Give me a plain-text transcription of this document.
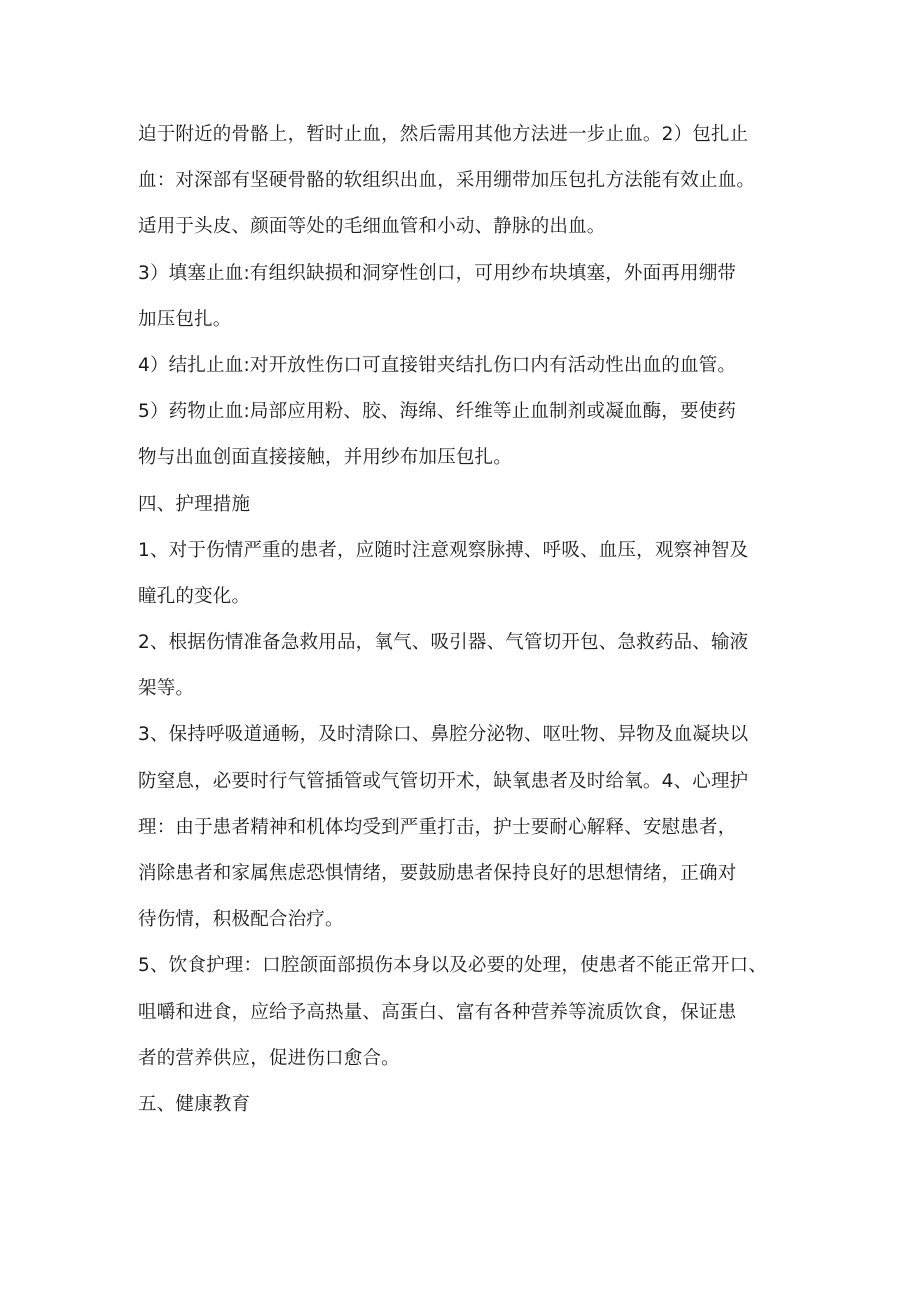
迫于附近的骨骼上，暂时止血，然后需用其他方法进一步止血。2）包扎止
血：对深部有坚硬骨骼的软组织出血，采用绷带加压包扎方法能有效止血。
适用于头皮、颜面等处的毛细血管和小动、静脉的出血。
3）填塞止血:有组织缺损和洞穿性创口，可用纱布块填塞，外面再用绷带
加压包扎。
4）结扎止血:对开放性伤口可直接钳夹结扎伤口内有活动性出血的血管。
5）药物止血:局部应用粉、胶、海绵、纤维等止血制剂或凝血酶，要使药
物与出血创面直接接触，并用纱布加压包扎。
四、护理措施
1、对于伤情严重的患者，应随时注意观察脉搏、呼吸、血压，观察神智及
瞳孔的变化。
2、根据伤情准备急救用品，氧气、吸引器、气管切开包、急救药品、输液
架等。
3、保持呼吸道通畅，及时清除口、鼻腔分泌物、呕吐物、异物及血凝块以
防窒息，必要时行气管插管或气管切开术，缺氧患者及时给氧。4、心理护
理：由于患者精神和机体均受到严重打击，护士要耐心解释、安慰患者，
消除患者和家属焦虑恐惧情绪，要鼓励患者保持良好的思想情绪，正确对
待伤情，积极配合治疗。
5、饮食护理：口腔颌面部损伤本身以及必要的处理，使患者不能正常开口、
咀嚼和进食，应给予高热量、高蛋白、富有各种营养等流质饮食，保证患
者的营养供应，促进伤口愈合。
五、健康教育
